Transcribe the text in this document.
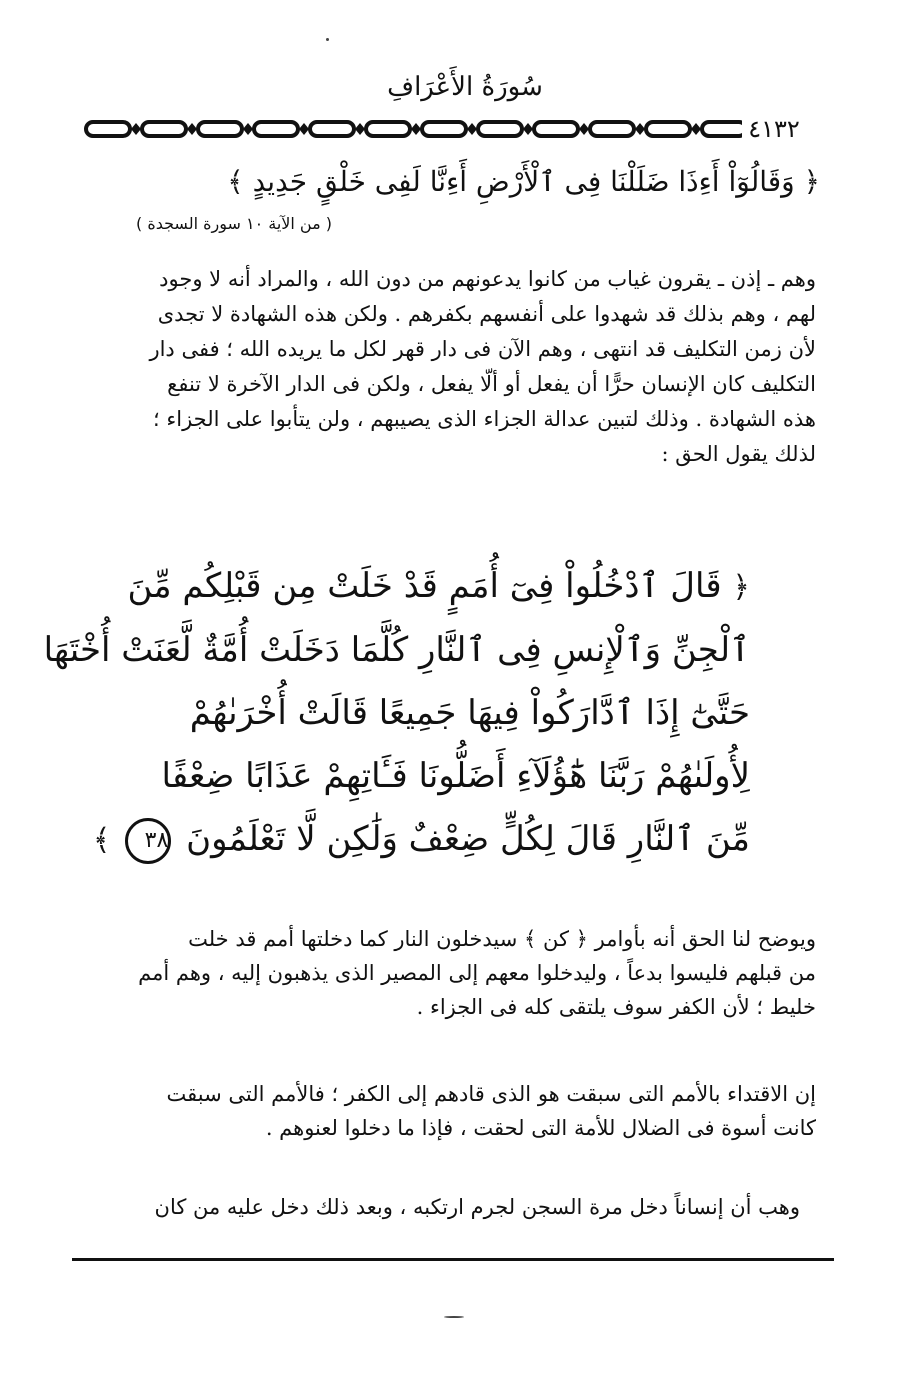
سُورَةُ الأَعْرَافِ
٤١٣٢
﴿ وَقَالُوٓاْ أَءِذَا ضَلَلْنَا فِى ٱلْأَرْضِ أَءِنَّا لَفِى خَلْقٍ جَدِيدٍ ﴾
( من الآية ١٠ سورة السجدة )
وهم ـ إذن ـ يقرون غياب من كانوا يدعونهم من دون الله ، والمراد أنه لا وجود
لهم ، وهم بذلك قد شهدوا على أنفسهم بكفرهم . ولكن هذه الشهادة لا تجدى
لأن زمن التكليف قد انتهى ، وهم الآن فى دار قهر لكل ما يريده الله ؛ ففى دار
التكليف كان الإنسان حرًّا أن يفعل أو ألّا يفعل ، ولكن فى الدار الآخرة لا تنفع
هذه الشهادة . وذلك لتبين عدالة الجزاء الذى يصيبهم ، ولن يتأبوا على الجزاء ؛
لذلك يقول الحق :
﴿ قَالَ ٱدْخُلُواْ فِىٓ أُمَمٍ قَدْ خَلَتْ مِن قَبْلِكُم مِّنَ
ٱلْجِنِّ وَٱلْإِنسِ فِى ٱلنَّارِ كُلَّمَا دَخَلَتْ أُمَّةٌ لَّعَنَتْ أُخْتَهَا
حَتَّىٰٓ إِذَا ٱدَّارَكُواْ فِيهَا جَمِيعًا قَالَتْ أُخْرَىٰهُمْ
لِأُولَىٰهُمْ رَبَّنَا هَٰٓؤُلَآءِ أَضَلُّونَا فَـَٔاتِهِمْ عَذَابًا ضِعْفًا
مِّنَ ٱلنَّارِ قَالَ لِكُلٍّ ضِعْفٌ وَلَٰكِن لَّا تَعْلَمُونَ ٣٨ ﴾
ويوضح لنا الحق أنه بأوامر ﴿ كن ﴾ سيدخلون النار كما دخلتها أمم قد خلت
من قبلهم فليسوا بدعاً ، وليدخلوا معهم إلى المصير الذى يذهبون إليه ، وهم أمم
خليط ؛ لأن الكفر سوف يلتقى كله فى الجزاء .
إن الاقتداء بالأمم التى سبقت هو الذى قادهم إلى الكفر ؛ فالأمم التى سبقت
كانت أسوة فى الضلال للأمة التى لحقت ، فإذا ما دخلوا لعنوهم .
وهب أن إنساناً دخل مرة السجن لجرم ارتكبه ، وبعد ذلك دخل عليه من كان
